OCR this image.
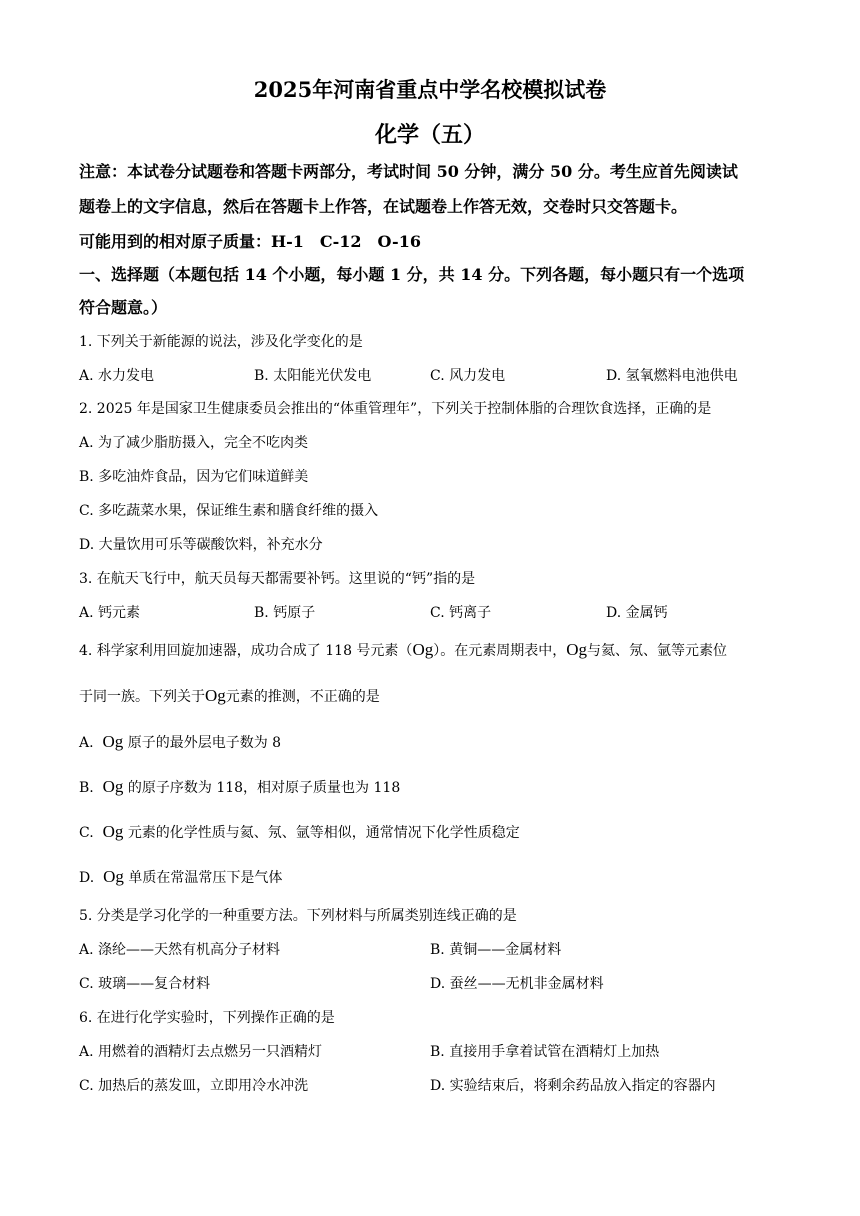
2025年河南省重点中学名校模拟试卷
化学（五）
注意：本试卷分试题卷和答题卡两部分，考试时间 50 分钟，满分 50 分。考生应首先阅读试
题卷上的文字信息，然后在答题卡上作答，在试题卷上作答无效，交卷时只交答题卡。
可能用到的相对原子质量：H-1　C-12　O-16
一、选择题（本题包括 14 个小题，每小题 1 分，共 14 分。下列各题，每小题只有一个选项
符合题意。）
1. 下列关于新能源的说法，涉及化学变化的是
A. 水力发电	B. 太阳能光伏发电	C. 风力发电	D. 氢氧燃料电池供电
2. 2025 年是国家卫生健康委员会推出的“体重管理年”，下列关于控制体脂的合理饮食选择，正确的是
A. 为了减少脂肪摄入，完全不吃肉类
B. 多吃油炸食品，因为它们味道鲜美
C. 多吃蔬菜水果，保证维生素和膳食纤维的摄入
D. 大量饮用可乐等碳酸饮料，补充水分
3. 在航天飞行中，航天员每天都需要补钙。这里说的“钙”指的是
A. 钙元素	B. 钙原子	C. 钙离子	D. 金属钙
4. 科学家利用回旋加速器，成功合成了 118 号元素（Og）。在元素周期表中，Og与氦、氖、氩等元素位
于同一族。下列关于Og元素的推测，不正确的是
A. Og 原子的最外层电子数为 8
B. Og 的原子序数为 118，相对原子质量也为 118
C. Og 元素的化学性质与氦、氖、氩等相似，通常情况下化学性质稳定
D. Og 单质在常温常压下是气体
5. 分类是学习化学的一种重要方法。下列材料与所属类别连线正确的是
A. 涤纶——天然有机高分子材料	B. 黄铜——金属材料
C. 玻璃——复合材料	D. 蚕丝——无机非金属材料
6. 在进行化学实验时，下列操作正确的是
A. 用燃着的酒精灯去点燃另一只酒精灯	B. 直接用手拿着试管在酒精灯上加热
C. 加热后的蒸发皿，立即用冷水冲洗	D. 实验结束后，将剩余药品放入指定的容器内
